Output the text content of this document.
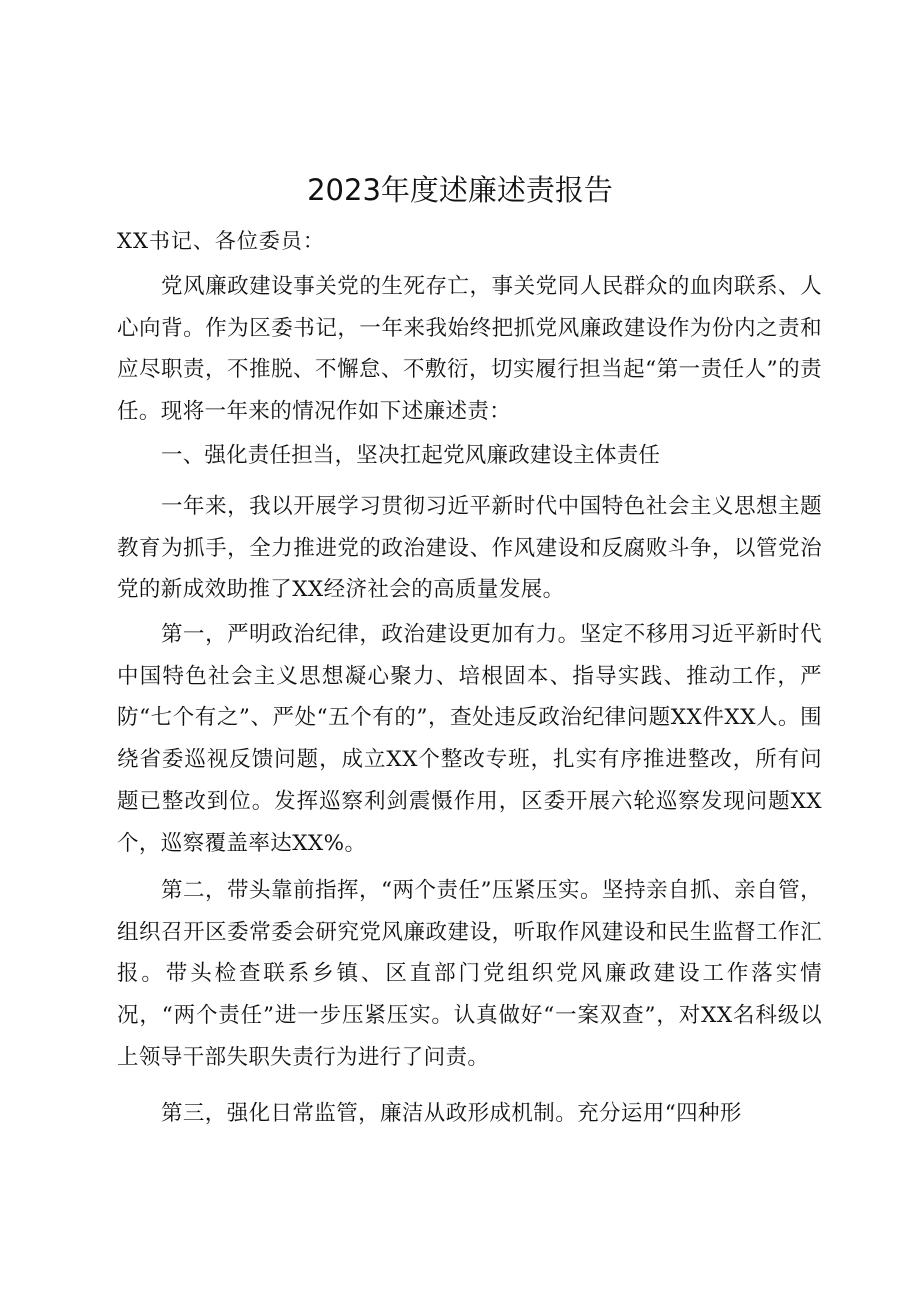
2023年度述廉述责报告
XX书记、各位委员：

党风廉政建设事关党的生死存亡，事关党同人民群众的血肉联系、人心向背。作为区委书记，一年来我始终把抓党风廉政建设作为份内之责和应尽职责，不推脱、不懈怠、不敷衍，切实履行担当起“第一责任人”的责任。现将一年来的情况作如下述廉述责：

一、强化责任担当，坚决扛起党风廉政建设主体责任

一年来，我以开展学习贯彻习近平新时代中国特色社会主义思想主题教育为抓手，全力推进党的政治建设、作风建设和反腐败斗争，以管党治党的新成效助推了XX经济社会的高质量发展。

第一，严明政治纪律，政治建设更加有力。坚定不移用习近平新时代中国特色社会主义思想凝心聚力、培根固本、指导实践、推动工作，严防“七个有之”、严处“五个有的”，查处违反政治纪律问题XX件XX人。围绕省委巡视反馈问题，成立XX个整改专班，扎实有序推进整改，所有问题已整改到位。发挥巡察利剑震慑作用，区委开展六轮巡察发现问题XX个，巡察覆盖率达XX%。

第二，带头靠前指挥，“两个责任”压紧压实。坚持亲自抓、亲自管，组织召开区委常委会研究党风廉政建设，听取作风建设和民生监督工作汇报。带头检查联系乡镇、区直部门党组织党风廉政建设工作落实情况，“两个责任”进一步压紧压实。认真做好“一案双查”，对XX名科级以上领导干部失职失责行为进行了问责。

第三，强化日常监管，廉洁从政形成机制。充分运用“四种形
